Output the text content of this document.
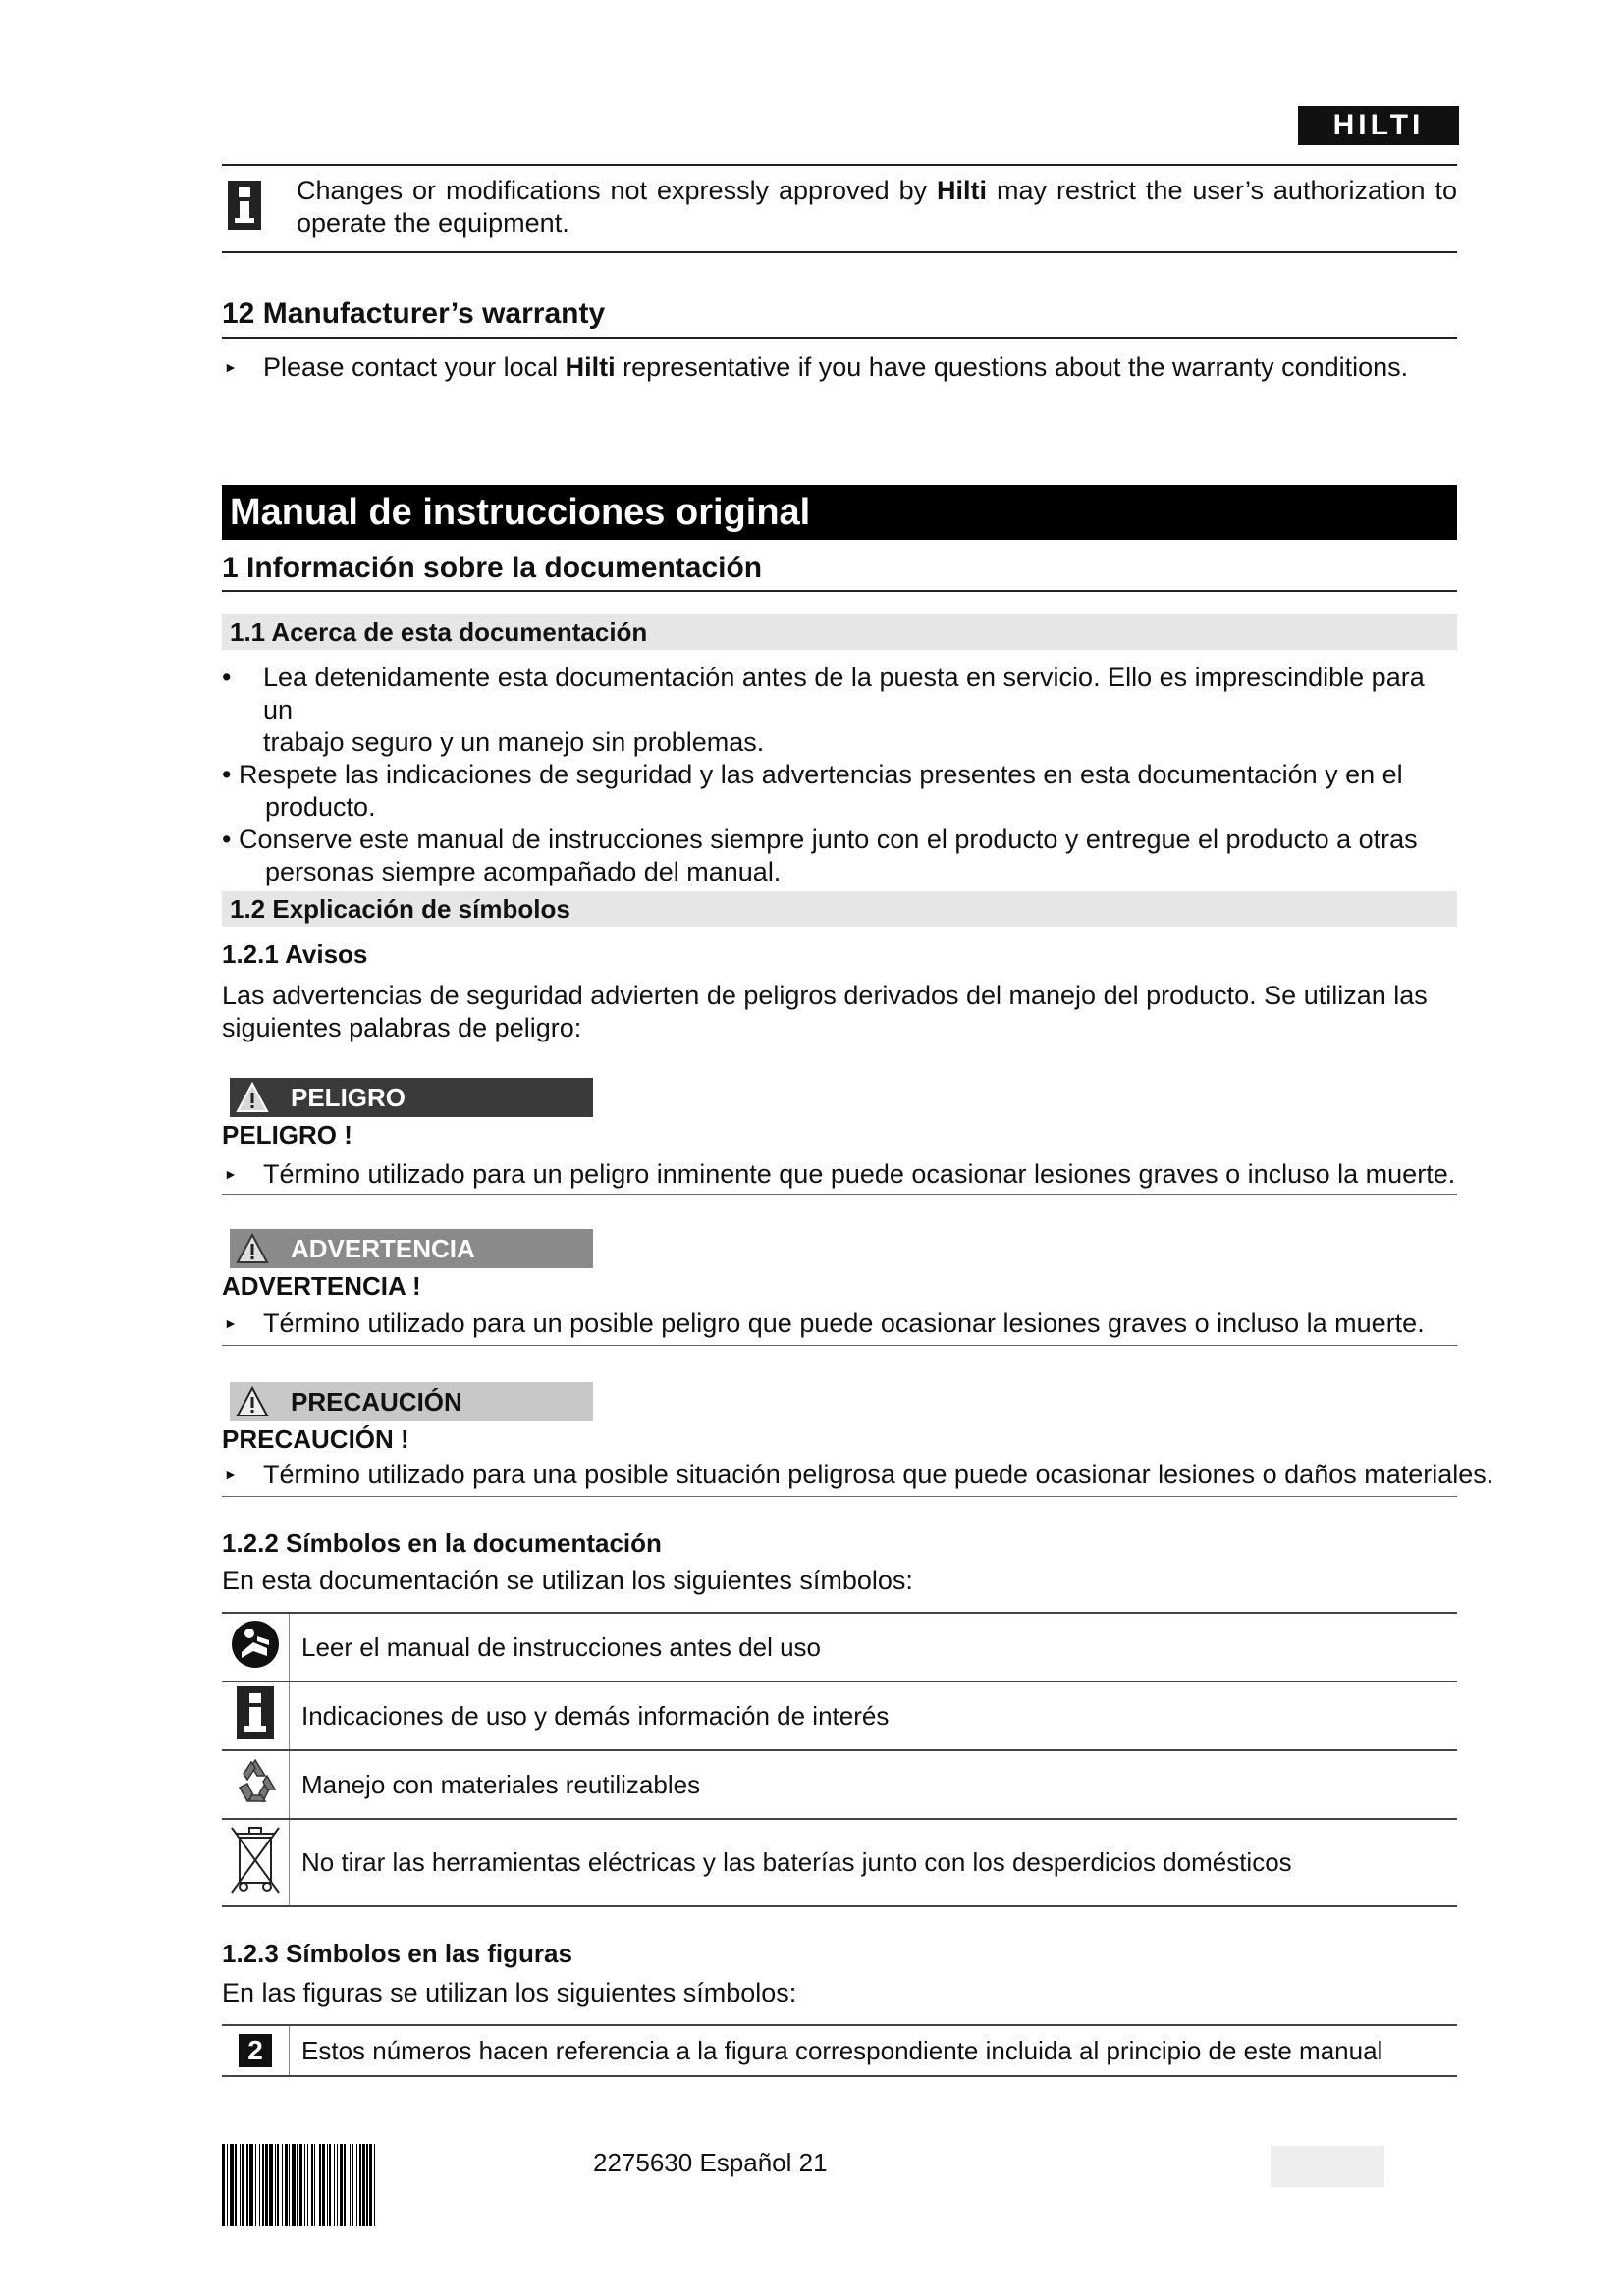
HILTI
Changes or modifications not expressly approved by Hilti may restrict the user’s authorization to
operate the equipment.
12 Manufacturer’s warranty
► Please contact your local Hilti representative if you have questions about the warranty conditions.
Manual de instrucciones original
1 Información sobre la documentación
1.1 Acerca de esta documentación
• Lea detenidamente esta documentación antes de la puesta en servicio. Ello es imprescindible para un
trabajo seguro y un manejo sin problemas.
• Respete las indicaciones de seguridad y las advertencias presentes en esta documentación y en el
producto.
• Conserve este manual de instrucciones siempre junto con el producto y entregue el producto a otras
personas siempre acompañado del manual.
1.2 Explicación de símbolos
1.2.1 Avisos
Las advertencias de seguridad advierten de peligros derivados del manejo del producto. Se utilizan las
siguientes palabras de peligro:
PELIGRO
PELIGRO !
► Término utilizado para un peligro inminente que puede ocasionar lesiones graves o incluso la muerte.
ADVERTENCIA
ADVERTENCIA !
► Término utilizado para un posible peligro que puede ocasionar lesiones graves o incluso la muerte.
PRECAUCIÓN
PRECAUCIÓN !
► Término utilizado para una posible situación peligrosa que puede ocasionar lesiones o daños materiales.
1.2.2 Símbolos en la documentación
En esta documentación se utilizan los siguientes símbolos:
	Leer el manual de instrucciones antes del uso
	Indicaciones de uso y demás información de interés
	Manejo con materiales reutilizables
	No tirar las herramientas eléctricas y las baterías junto con los desperdicios domésticos
1.2.3 Símbolos en las figuras
En las figuras se utilizan los siguientes símbolos:
2	Estos números hacen referencia a la figura correspondiente incluida al principio de este manual
2275630 Español 21
